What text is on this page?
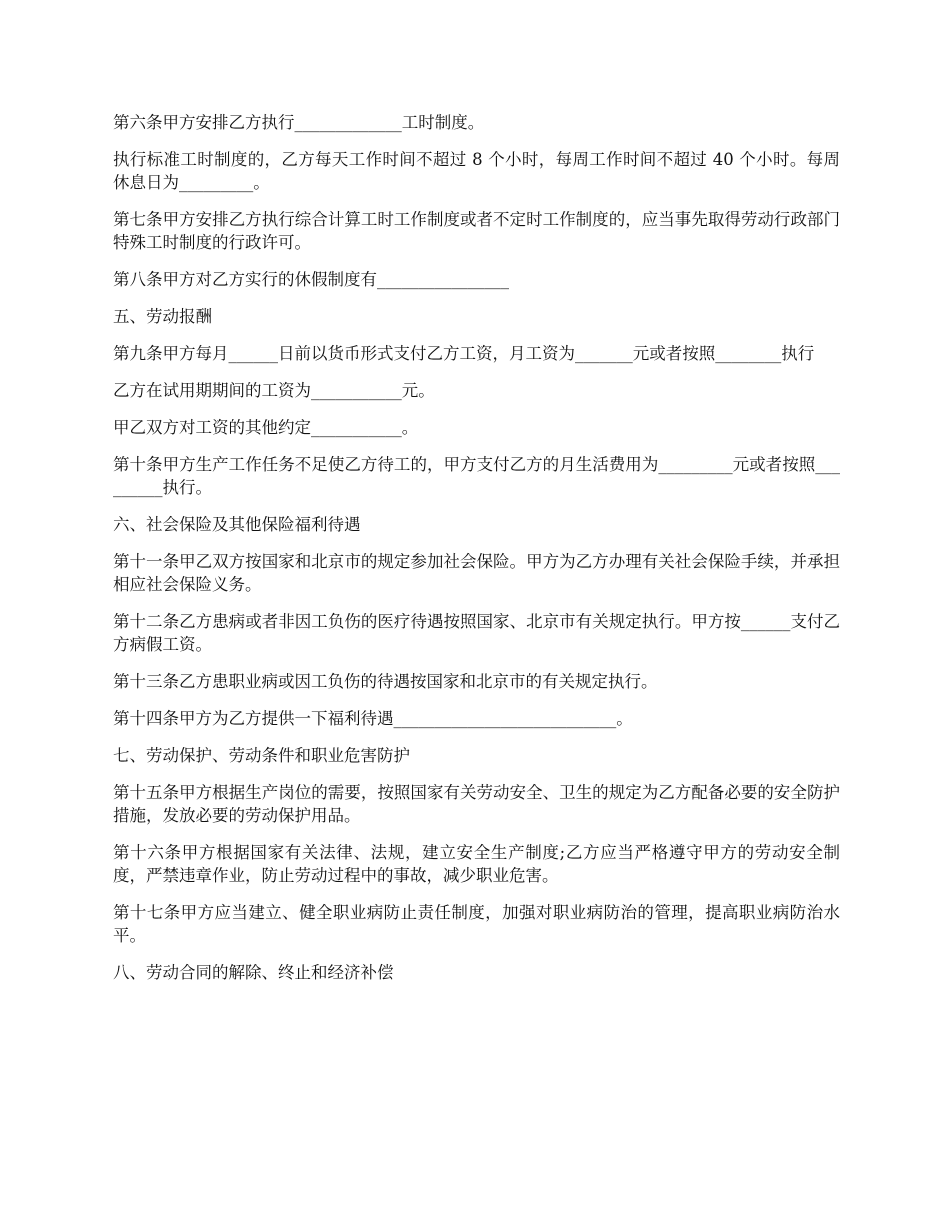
第六条甲方安排乙方执行_____________工时制度。

执行标准工时制度的，乙方每天工作时间不超过 8 个小时，每周工作时间不超过 40 个小时。每周休息日为_________。

第七条甲方安排乙方执行综合计算工时工作制度或者不定时工作制度的，应当事先取得劳动行政部门特殊工时制度的行政许可。

第八条甲方对乙方实行的休假制度有________________

五、劳动报酬

第九条甲方每月______日前以货币形式支付乙方工资，月工资为_______元或者按照________执行

乙方在试用期期间的工资为___________元。

甲乙双方对工资的其他约定___________。

第十条甲方生产工作任务不足使乙方待工的，甲方支付乙方的月生活费用为_________元或者按照_________执行。

六、社会保险及其他保险福利待遇

第十一条甲乙双方按国家和北京市的规定参加社会保险。甲方为乙方办理有关社会保险手续，并承担相应社会保险义务。

第十二条乙方患病或者非因工负伤的医疗待遇按照国家、北京市有关规定执行。甲方按______支付乙方病假工资。

第十三条乙方患职业病或因工负伤的待遇按国家和北京市的有关规定执行。

第十四条甲方为乙方提供一下福利待遇___________________________。

七、劳动保护、劳动条件和职业危害防护

第十五条甲方根据生产岗位的需要，按照国家有关劳动安全、卫生的规定为乙方配备必要的安全防护措施，发放必要的劳动保护用品。

第十六条甲方根据国家有关法律、法规，建立安全生产制度;乙方应当严格遵守甲方的劳动安全制度，严禁违章作业，防止劳动过程中的事故，减少职业危害。

第十七条甲方应当建立、健全职业病防止责任制度，加强对职业病防治的管理，提高职业病防治水平。

八、劳动合同的解除、终止和经济补偿
